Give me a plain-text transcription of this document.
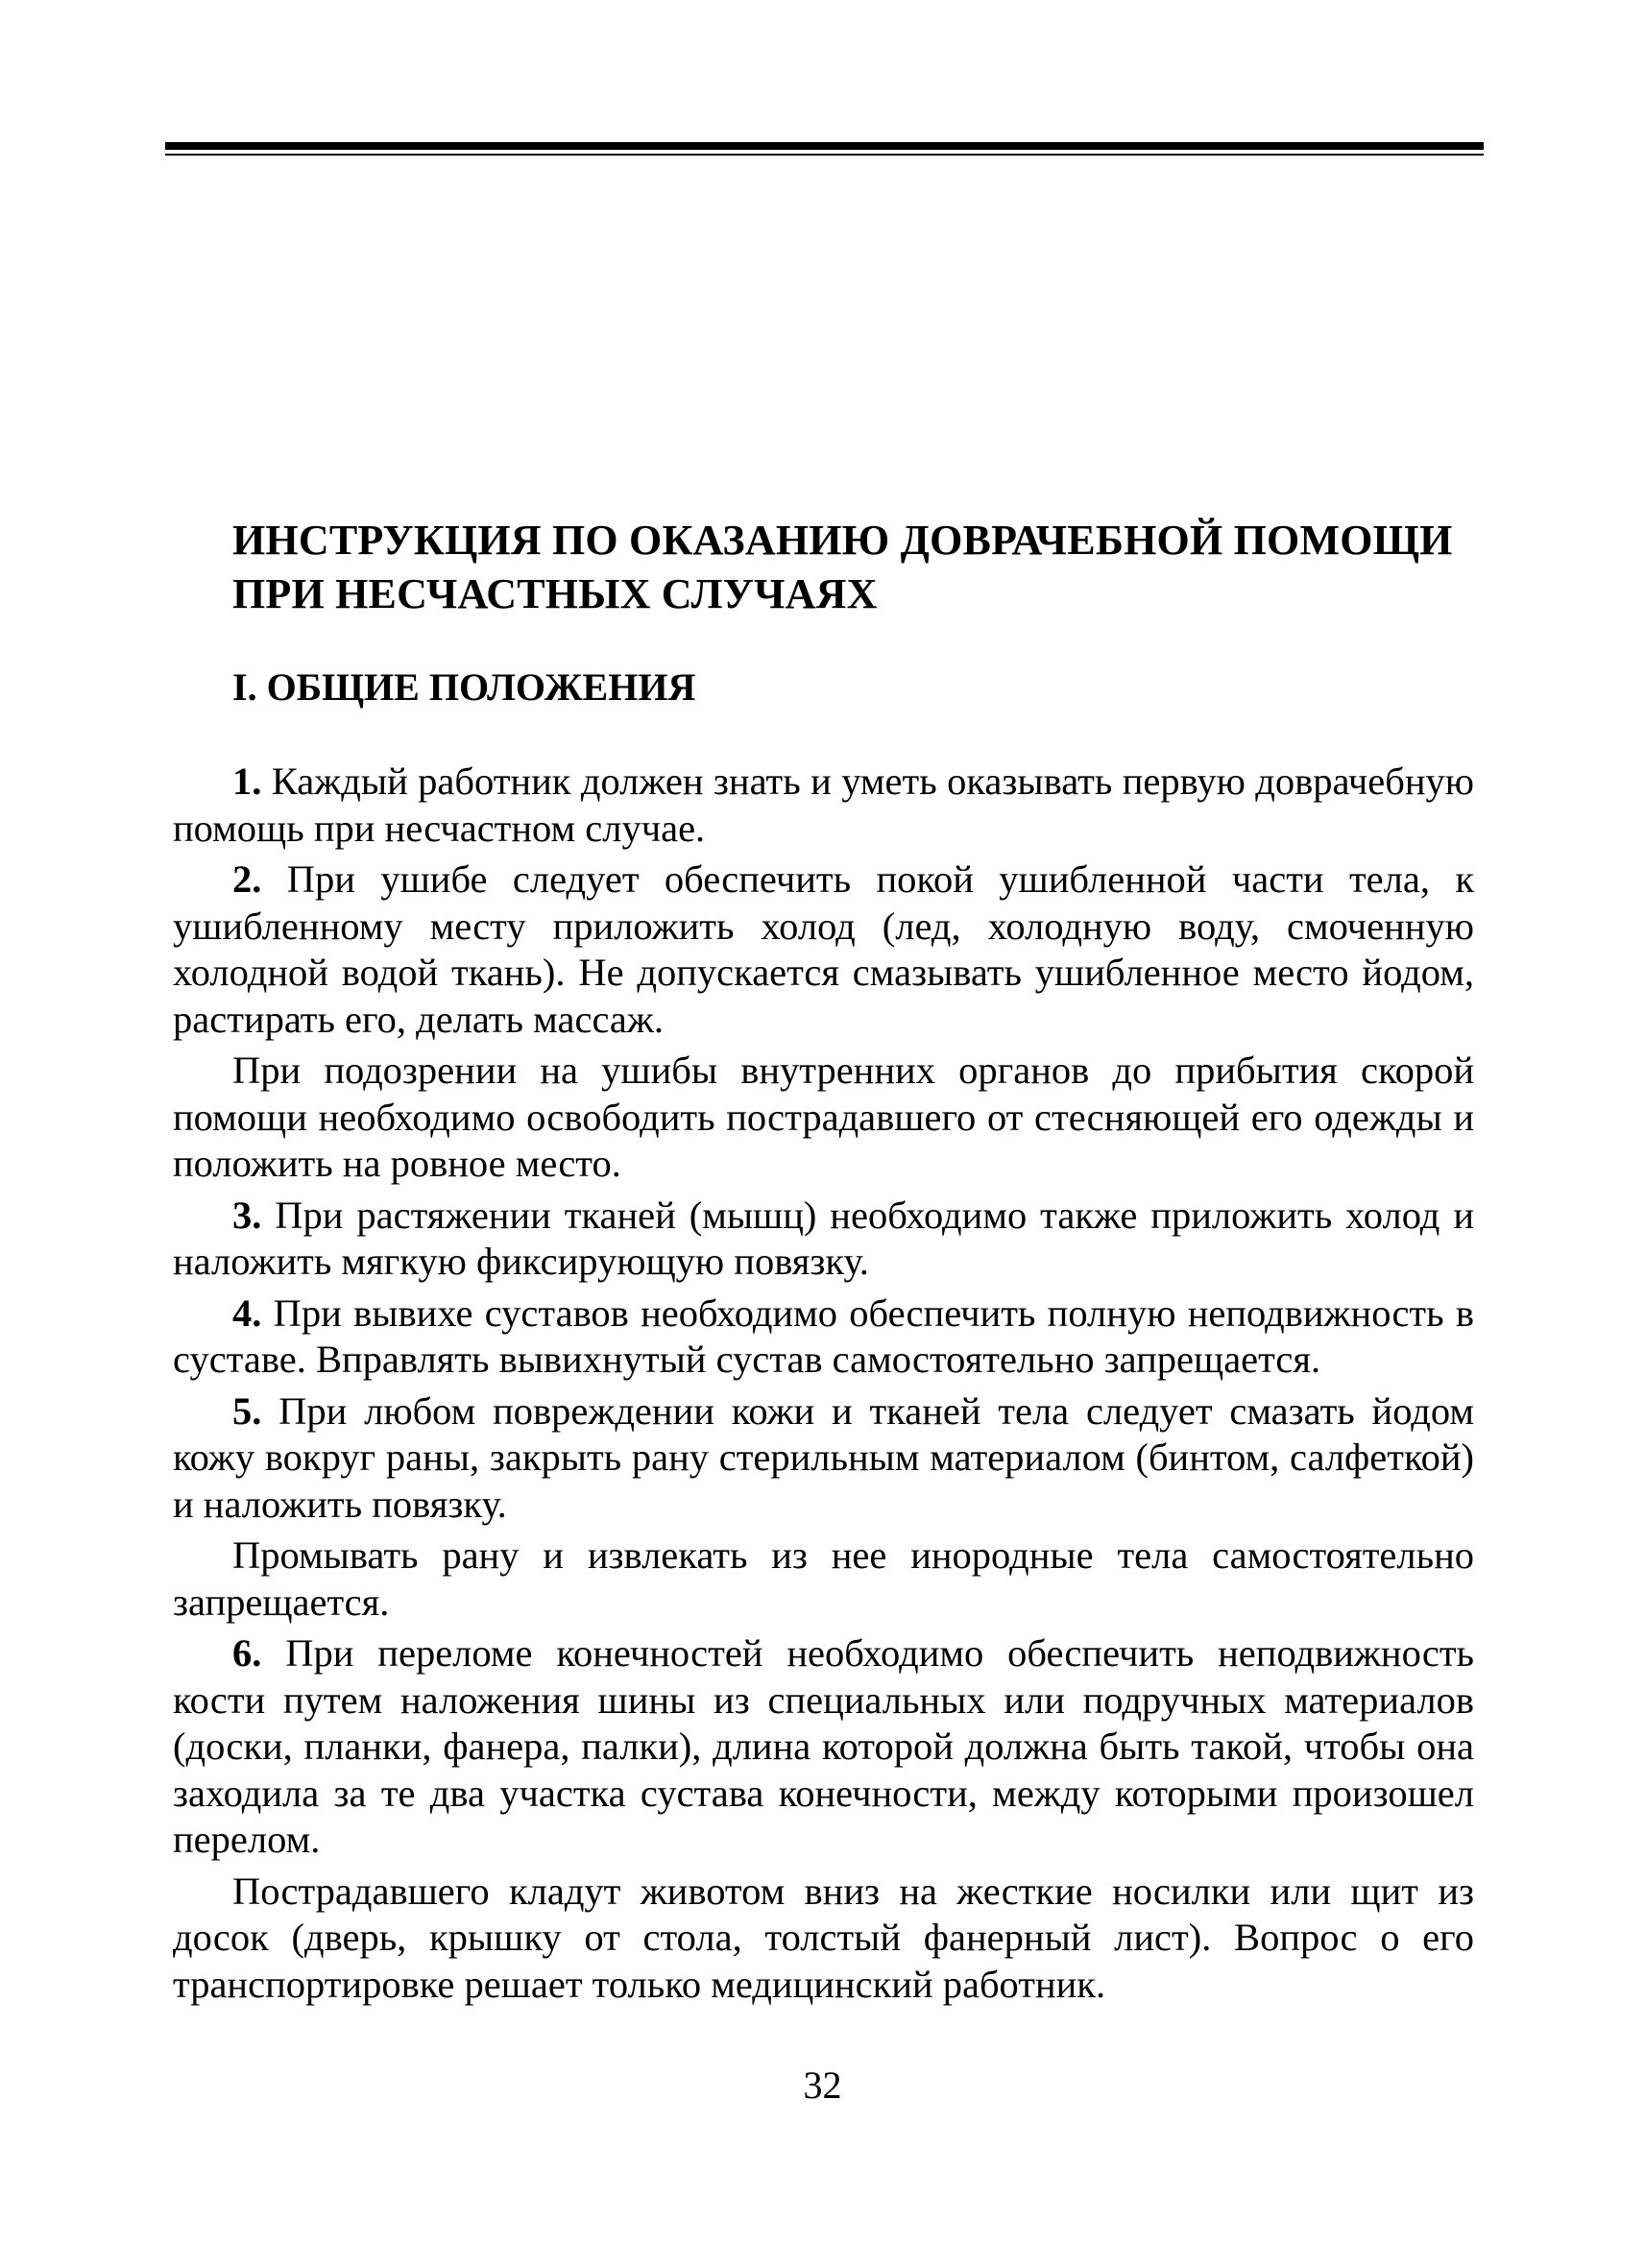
ИНСТРУКЦИЯ ПО ОКАЗАНИЮ ДОВРАЧЕБНОЙ ПОМОЩИ ПРИ НЕСЧАСТНЫХ СЛУЧАЯХ
I. ОБЩИЕ ПОЛОЖЕНИЯ

1. Каждый работник должен знать и уметь оказывать первую доврачебную помощь при несчастном случае.

2. При ушибе следует обеспечить покой ушибленной части тела, к ушибленному месту приложить холод (лед, холодную воду, смоченную холодной водой ткань). Не допускается смазывать ушибленное место йодом, растирать его, делать массаж.

При подозрении на ушибы внутренних органов до прибытия скорой помощи необходимо освободить пострадавшего от стесняющей его одежды и положить на ровное место.

3. При растяжении тканей (мышц) необходимо также приложить холод и наложить мягкую фиксирующую повязку.

4. При вывихе суставов необходимо обеспечить полную неподвижность в суставе. Вправлять вывихнутый сустав самостоятельно запрещается.

5. При любом повреждении кожи и тканей тела следует смазать йодом кожу вокруг раны, закрыть рану стерильным материалом (бинтом, салфеткой) и наложить повязку.

Промывать рану и извлекать из нее инородные тела самостоятельно запрещается.

6. При переломе конечностей необходимо обеспечить неподвижность кости путем наложения шины из специальных или подручных материалов (доски, планки, фанера, палки), длина которой должна быть такой, чтобы она заходила за те два участка сустава конечности, между которыми произошел перелом.

Пострадавшего кладут животом вниз на жесткие носилки или щит из досок (дверь, крышку от стола, толстый фанерный лист). Вопрос о его транспортировке решает только медицинский работник.

32
